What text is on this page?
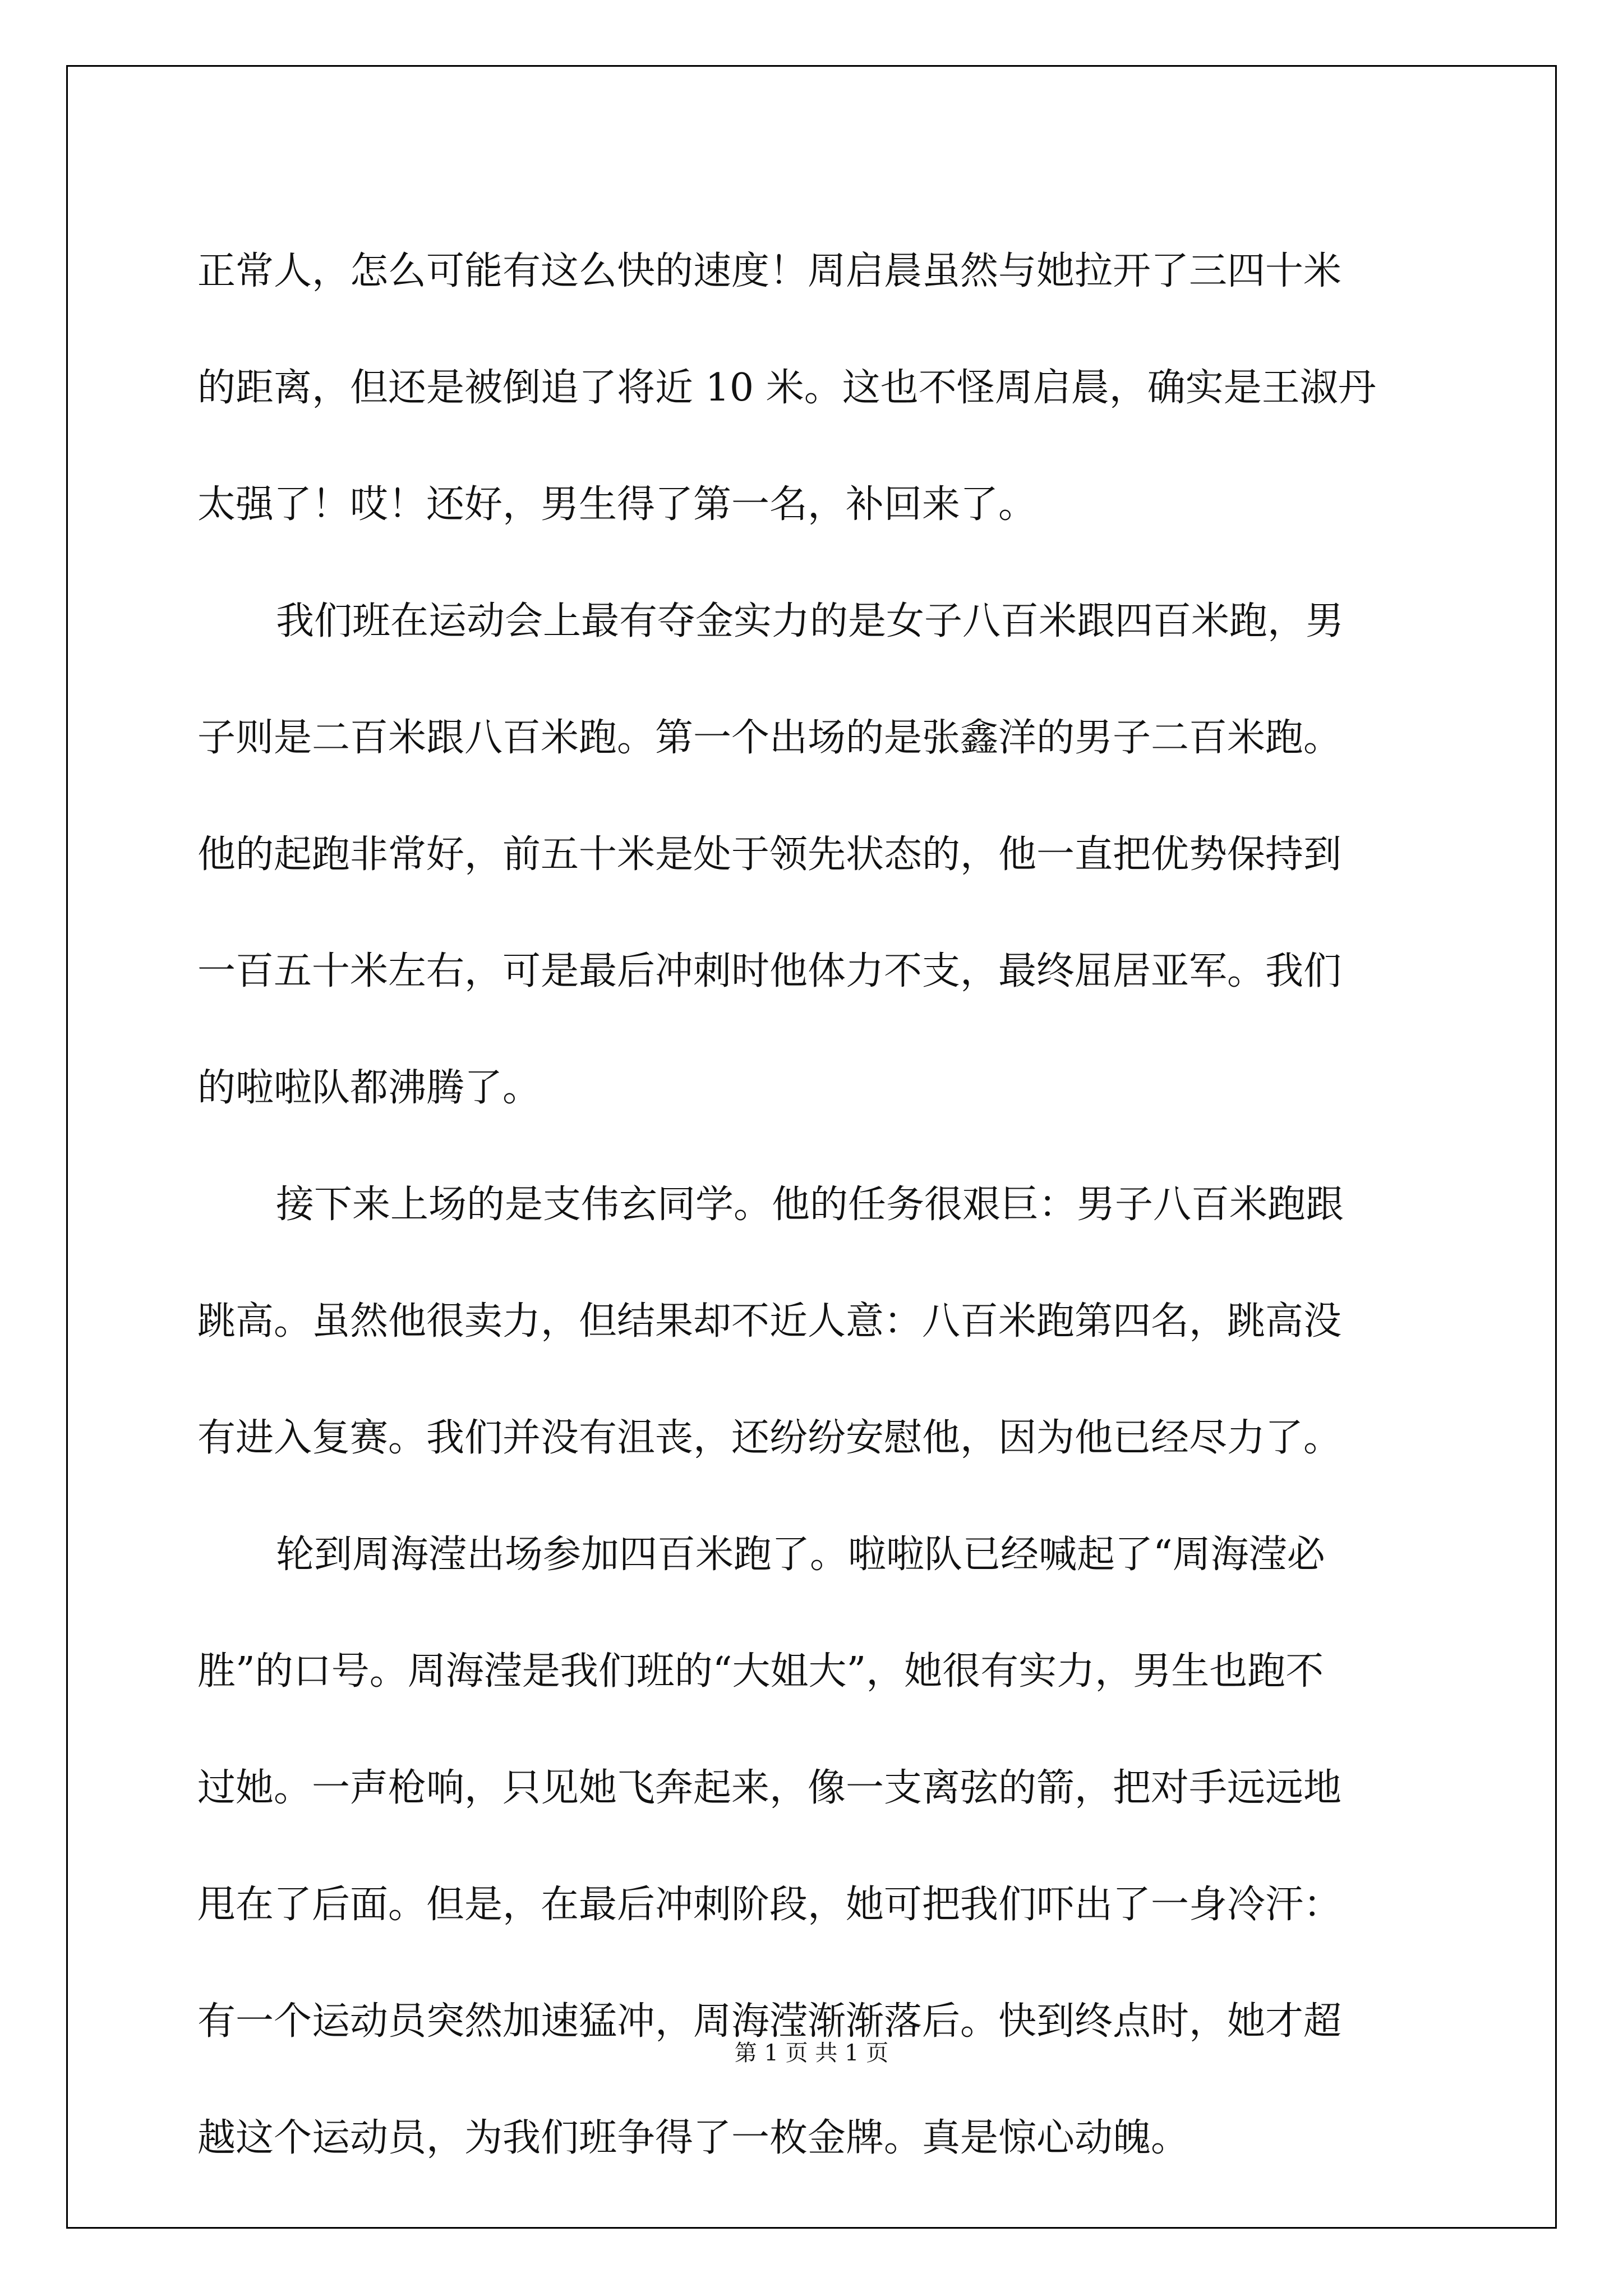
正常人，怎么可能有这么快的速度！周启晨虽然与她拉开了三四十米
的距离，但还是被倒追了将近 10 米。这也不怪周启晨，确实是王淑丹
太强了！哎！还好，男生得了第一名，补回来了。
我们班在运动会上最有夺金实力的是女子八百米跟四百米跑，男
子则是二百米跟八百米跑。第一个出场的是张鑫洋的男子二百米跑。
他的起跑非常好，前五十米是处于领先状态的，他一直把优势保持到
一百五十米左右，可是最后冲刺时他体力不支，最终屈居亚军。我们
的啦啦队都沸腾了。
接下来上场的是支伟玄同学。他的任务很艰巨：男子八百米跑跟
跳高。虽然他很卖力，但结果却不近人意：八百米跑第四名，跳高没
有进入复赛。我们并没有沮丧，还纷纷安慰他，因为他已经尽力了。
轮到周海滢出场参加四百米跑了。啦啦队已经喊起了“周海滢必
胜”的口号。周海滢是我们班的“大姐大”，她很有实力，男生也跑不
过她。一声枪响，只见她飞奔起来，像一支离弦的箭，把对手远远地
甩在了后面。但是，在最后冲刺阶段，她可把我们吓出了一身冷汗：
有一个运动员突然加速猛冲，周海滢渐渐落后。快到终点时，她才超
越这个运动员，为我们班争得了一枚金牌。真是惊心动魄。
第 1 页 共 1 页
